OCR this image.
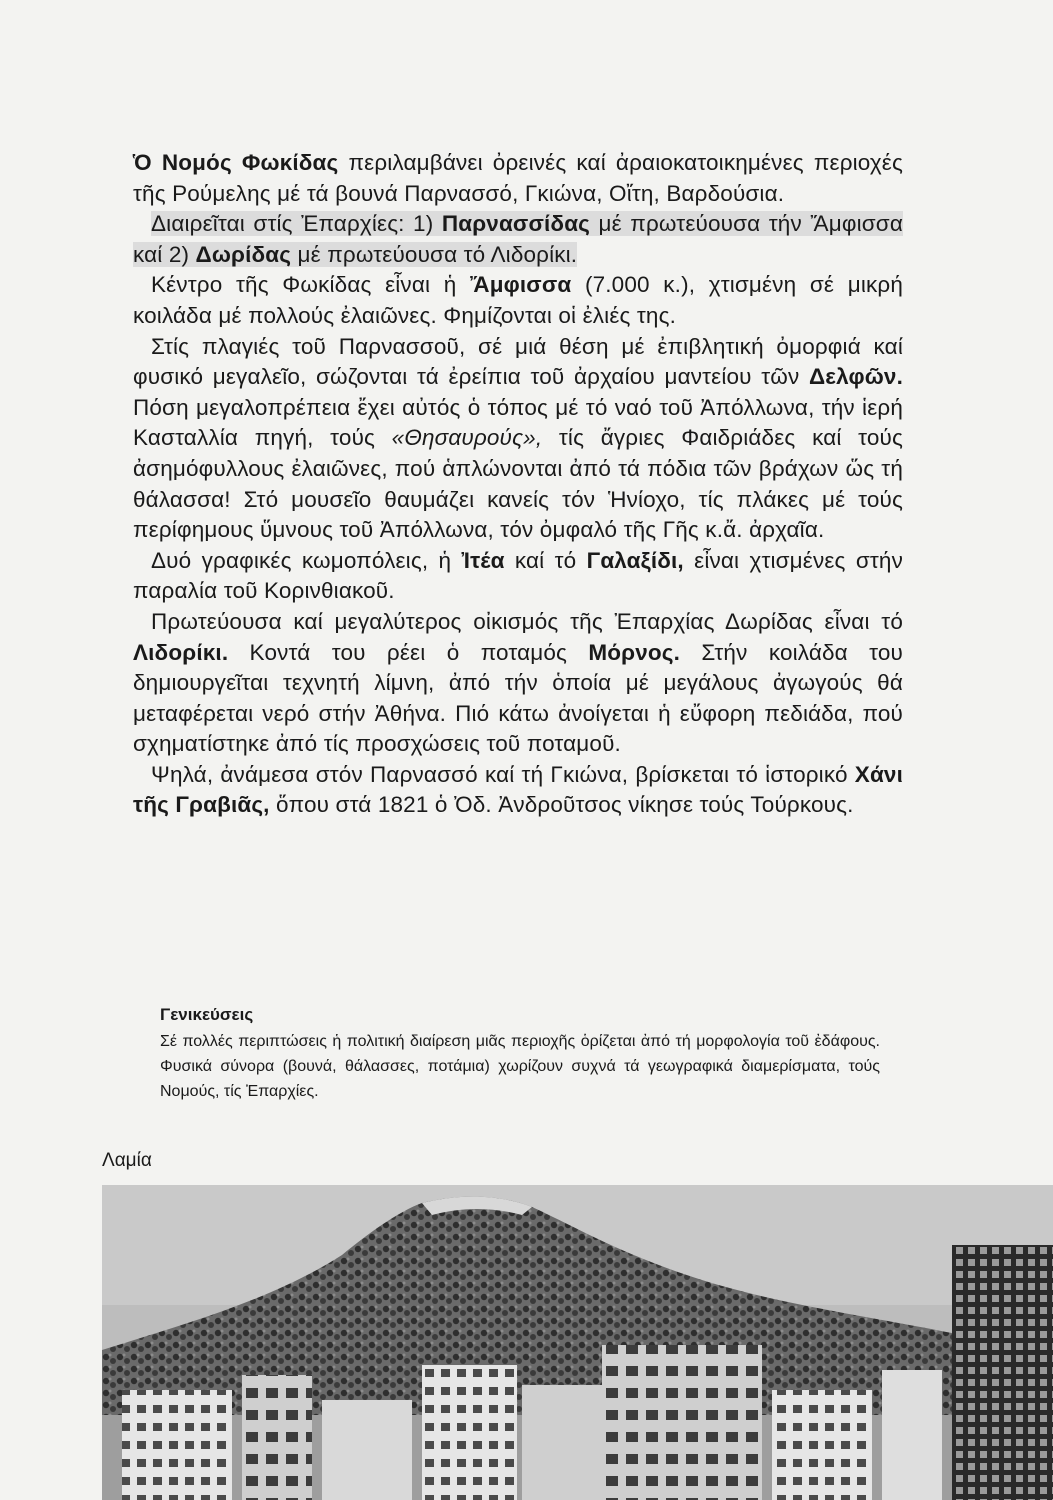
Ὁ Νομός Φωκίδας περιλαμβάνει ὀρεινές καί ἀραιοκατοικημένες περιοχές τῆς Ρούμελης μέ τά βουνά Παρνασσό, Γκιώνα, Οἴτη, Βαρδούσια.

Διαιρεῖται στίς Ἐπαρχίες: 1) Παρνασσίδας μέ πρωτεύουσα τήν Ἄμφισσα καί 2) Δωρίδας μέ πρωτεύουσα τό Λιδορίκι.

Κέντρο τῆς Φωκίδας εἶναι ἡ Ἄμφισσα (7.000 κ.), χτισμένη σέ μικρή κοιλάδα μέ πολλούς ἐλαιῶνες. Φημίζονται οἱ ἐλιές της.

Στίς πλαγιές τοῦ Παρνασσοῦ, σέ μιά θέση μέ ἐπιβλητική ὀμορφιά καί φυσικό μεγαλεῖο, σώζονται τά ἐρείπια τοῦ ἀρχαίου μαντείου τῶν Δελφῶν. Πόση μεγαλοπρέπεια ἔχει αὐτός ὁ τόπος μέ τό ναό τοῦ Ἀπόλλωνα, τήν ἱερή Κασταλλία πηγή, τούς «Θησαυρούς», τίς ἄγριες Φαιδριάδες καί τούς ἀσημόφυλλους ἐλαιῶνες, πού ἁπλώνονται ἀπό τά πόδια τῶν βράχων ὥς τή θάλασσα! Στό μουσεῖο θαυμάζει κανείς τόν Ἡνίοχο, τίς πλάκες μέ τούς περίφημους ὕμνους τοῦ Ἀπόλλωνα, τόν ὀμφαλό τῆς Γῆς κ.ἄ. ἀρχαῖα.

Δυό γραφικές κωμοπόλεις, ἡ Ἰτέα καί τό Γαλαξίδι, εἶναι χτισμένες στήν παραλία τοῦ Κορινθιακοῦ.

Πρωτεύουσα καί μεγαλύτερος οἰκισμός τῆς Ἐπαρχίας Δωρίδας εἶναι τό Λιδορίκι. Κοντά του ρέει ὁ ποταμός Μόρνος. Στήν κοιλάδα του δημιουργεῖται τεχνητή λίμνη, ἀπό τήν ὁποία μέ μεγάλους ἀγωγούς θά μεταφέρεται νερό στήν Ἀθήνα. Πιό κάτω ἀνοίγεται ἡ εὔφορη πεδιάδα, πού σχηματίστηκε ἀπό τίς προσχώσεις τοῦ ποταμοῦ.

Ψηλά, ἀνάμεσα στόν Παρνασσό καί τή Γκιώνα, βρίσκεται τό ἱστορικό Χάνι τῆς Γραβιᾶς, ὅπου στά 1821 ὁ Ὀδ. Ἀνδροῦτσος νίκησε τούς Τούρκους.

Γενικεύσεις
Σέ πολλές περιπτώσεις ἡ πολιτική διαίρεση μιᾶς περιοχῆς ὁρίζεται ἀπό τή μορφολογία τοῦ ἐδάφους. Φυσικά σύνορα (βουνά, θάλασσες, ποτάμια) χωρίζουν συχνά τά γεωγραφικά διαμερίσματα, τούς Νομούς, τίς Ἐπαρχίες.
Λαμία
